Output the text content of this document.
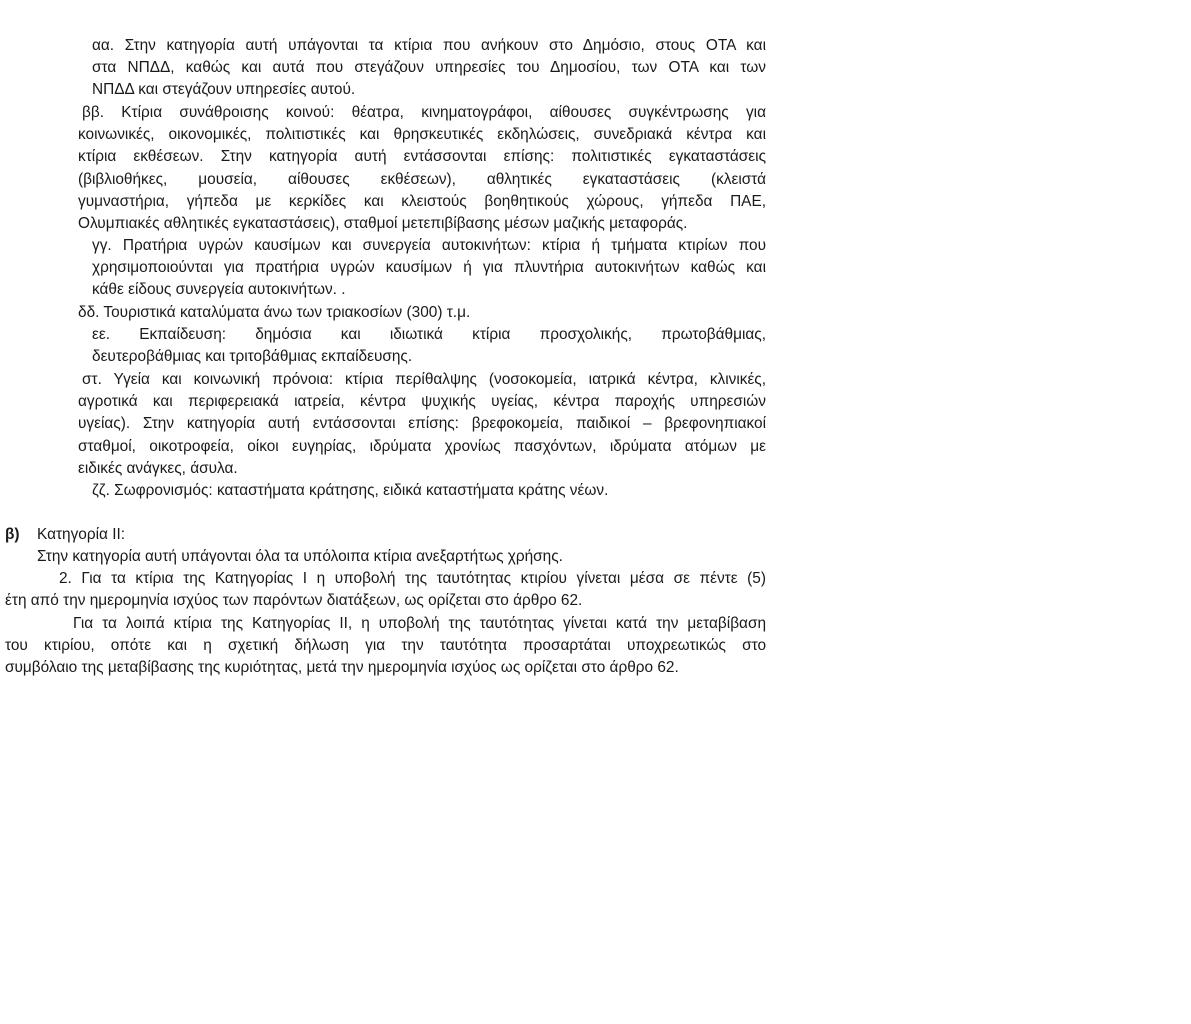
αα. Στην κατηγορία αυτή υπάγονται τα κτίρια που ανήκουν στο Δημόσιο, στους ΟΤΑ και
στα ΝΠΔΔ, καθώς και αυτά που στεγάζουν υπηρεσίες του Δημοσίου, των ΟΤΑ και των
ΝΠΔΔ και στεγάζουν υπηρεσίες αυτού.
ββ. Κτίρια συνάθροισης κοινού: θέατρα, κινηματογράφοι, αίθουσες συγκέντρωσης για
κοινωνικές, οικονομικές, πολιτιστικές και θρησκευτικές εκδηλώσεις, συνεδριακά κέντρα και
κτίρια εκθέσεων. Στην κατηγορία αυτή εντάσσονται επίσης: πολιτιστικές εγκαταστάσεις
(βιβλιοθήκες, μουσεία, αίθουσες εκθέσεων), αθλητικές εγκαταστάσεις (κλειστά
γυμναστήρια, γήπεδα με κερκίδες και κλειστούς βοηθητικούς χώρους, γήπεδα ΠΑΕ,
Ολυμπιακές αθλητικές εγκαταστάσεις), σταθμοί μετεπιβίβασης μέσων μαζικής μεταφοράς.
γγ. Πρατήρια υγρών καυσίμων και συνεργεία αυτοκινήτων: κτίρια ή τμήματα κτιρίων που
χρησιμοποιούνται για πρατήρια υγρών καυσίμων ή για πλυντήρια αυτοκινήτων καθώς και
κάθε είδους συνεργεία αυτοκινήτων. .
δδ. Τουριστικά καταλύματα άνω των τριακοσίων (300) τ.μ.
εε. Εκπαίδευση: δημόσια και ιδιωτικά κτίρια προσχολικής, πρωτοβάθμιας,
δευτεροβάθμιας και τριτοβάθμιας εκπαίδευσης.
στ. Υγεία και κοινωνική πρόνοια: κτίρια περίθαλψης (νοσοκομεία, ιατρικά κέντρα, κλινικές,
αγροτικά και περιφερειακά ιατρεία, κέντρα ψυχικής υγείας, κέντρα παροχής υπηρεσιών
υγείας). Στην κατηγορία αυτή εντάσσονται επίσης: βρεφοκομεία, παιδικοί – βρεφονηπιακοί
σταθμοί, οικοτροφεία, οίκοι ευγηρίας, ιδρύματα χρονίως πασχόντων, ιδρύματα ατόμων με
ειδικές ανάγκες, άσυλα.
ζζ. Σωφρονισμός: καταστήματα κράτησης, ειδικά καταστήματα κράτης νέων.
β) Κατηγορία ΙΙ:
Στην κατηγορία αυτή υπάγονται όλα τα υπόλοιπα κτίρια ανεξαρτήτως χρήσης.
2. Για τα κτίρια της Κατηγορίας Ι η υποβολή της ταυτότητας κτιρίου γίνεται μέσα σε πέντε (5)
έτη από την ημερομηνία ισχύος των παρόντων διατάξεων, ως ορίζεται στο άρθρο 62.
Για τα λοιπά κτίρια της Κατηγορίας ΙΙ, η υποβολή της ταυτότητας γίνεται κατά την μεταβίβαση
του κτιρίου, οπότε και η σχετική δήλωση για την ταυτότητα προσαρτάται υποχρεωτικώς στο
συμβόλαιο της μεταβίβασης της κυριότητας, μετά την ημερομηνία ισχύος ως ορίζεται στο άρθρο 62.
